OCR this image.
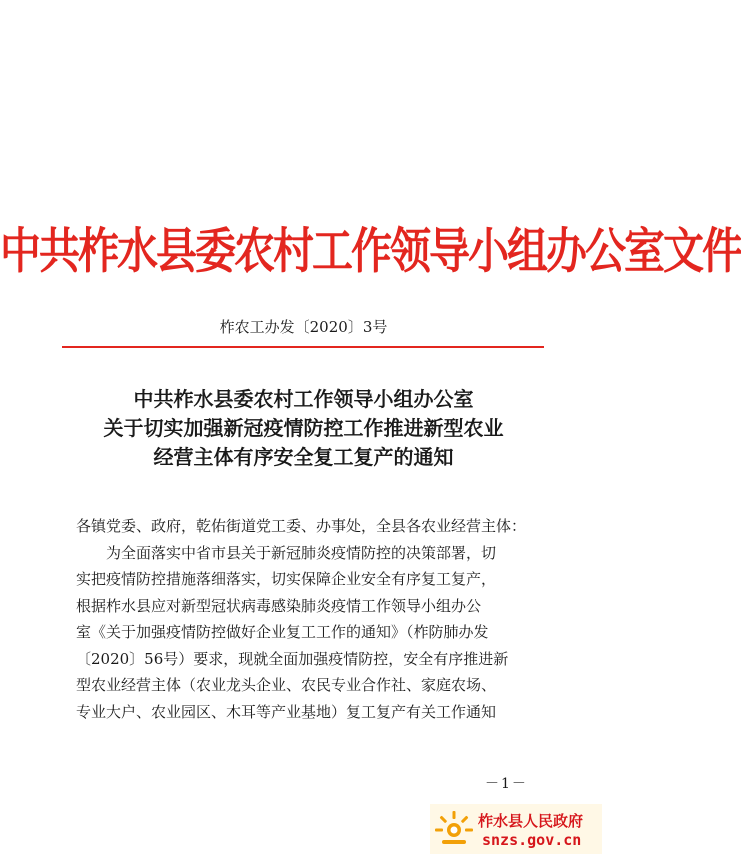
中共柞水县委农村工作领导小组办公室文件
柞农工办发〔2020〕3号
中共柞水县委农村工作领导小组办公室
关于切实加强新冠疫情防控工作推进新型农业
经营主体有序安全复工复产的通知
各镇党委、政府，乾佑街道党工委、办事处，全县各农业经营主体：
为全面落实中省市县关于新冠肺炎疫情防控的决策部署，切
实把疫情防控措施落细落实，切实保障企业安全有序复工复产，
根据柞水县应对新型冠状病毒感染肺炎疫情工作领导小组办公
室《关于加强疫情防控做好企业复工工作的通知》（柞防肺办发
〔2020〕56号）要求，现就全面加强疫情防控，安全有序推进新
型农业经营主体（农业龙头企业、农民专业合作社、家庭农场、
专业大户、农业园区、木耳等产业基地）复工复产有关工作通知
－1－
柞水县人民政府
snzs.gov.cn
